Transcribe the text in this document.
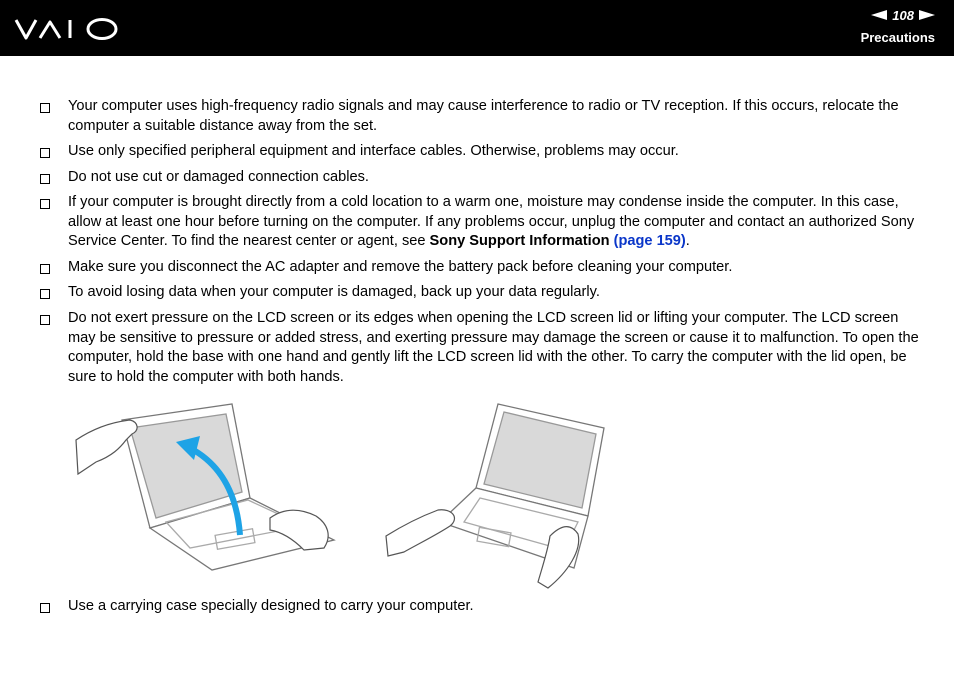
108
Precautions
Your computer uses high-frequency radio signals and may cause interference to radio or TV reception. If this occurs, relocate the computer a suitable distance away from the set.
Use only specified peripheral equipment and interface cables. Otherwise, problems may occur.
Do not use cut or damaged connection cables.
If your computer is brought directly from a cold location to a warm one, moisture may condense inside the computer. In this case, allow at least one hour before turning on the computer. If any problems occur, unplug the computer and contact an authorized Sony Service Center. To find the nearest center or agent, see Sony Support Information (page 159).
Make sure you disconnect the AC adapter and remove the battery pack before cleaning your computer.
To avoid losing data when your computer is damaged, back up your data regularly.
Do not exert pressure on the LCD screen or its edges when opening the LCD screen lid or lifting your computer. The LCD screen may be sensitive to pressure or added stress, and exerting pressure may damage the screen or cause it to malfunction. To open the computer, hold the base with one hand and gently lift the LCD screen lid with the other. To carry the computer with the lid open, be sure to hold the computer with both hands.
Use a carrying case specially designed to carry your computer.
